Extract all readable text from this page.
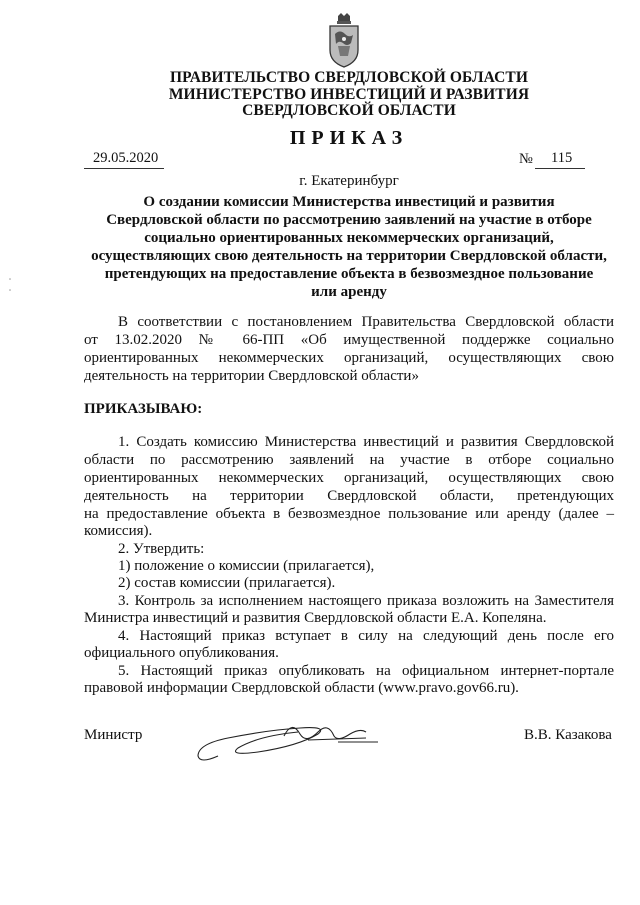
ПРАВИТЕЛЬСТВО СВЕРДЛОВСКОЙ ОБЛАСТИ
МИНИСТЕРСТВО ИНВЕСТИЦИЙ И РАЗВИТИЯ
СВЕРДЛОВСКОЙ ОБЛАСТИ
ПРИКАЗ
29.05.2020	№ 115
г. Екатеринбург
О создании комиссии Министерства инвестиций и развития
Свердловской области по рассмотрению заявлений на участие в отборе
социально ориентированных некоммерческих организаций,
осуществляющих свою деятельность на территории Свердловской области,
претендующих на предоставление объекта в безвозмездное пользование
или аренду
В соответствии с постановлением Правительства Свердловской области
от 13.02.2020 № 66-ПП «Об имущественной поддержке социально
ориентированных некоммерческих организаций, осуществляющих свою
деятельность на территории Свердловской области»
ПРИКАЗЫВАЮ:
1. Создать комиссию Министерства инвестиций и развития Свердловской
области по рассмотрению заявлений на участие в отборе социально
ориентированных некоммерческих организаций, осуществляющих свою
деятельность на территории Свердловской области, претендующих
на предоставление объекта в безвозмездное пользование или аренду (далее –
комиссия).
2. Утвердить:
1) положение о комиссии (прилагается),
2) состав комиссии (прилагается).
3. Контроль за исполнением настоящего приказа возложить на Заместителя
Министра инвестиций и развития Свердловской области Е.А. Копеляна.
4. Настоящий приказ вступает в силу на следующий день после его
официального опубликования.
5. Настоящий приказ опубликовать на официальном интернет-портале
правовой информации Свердловской области (www.pravo.gov66.ru).
Министр	В.В. Казакова
